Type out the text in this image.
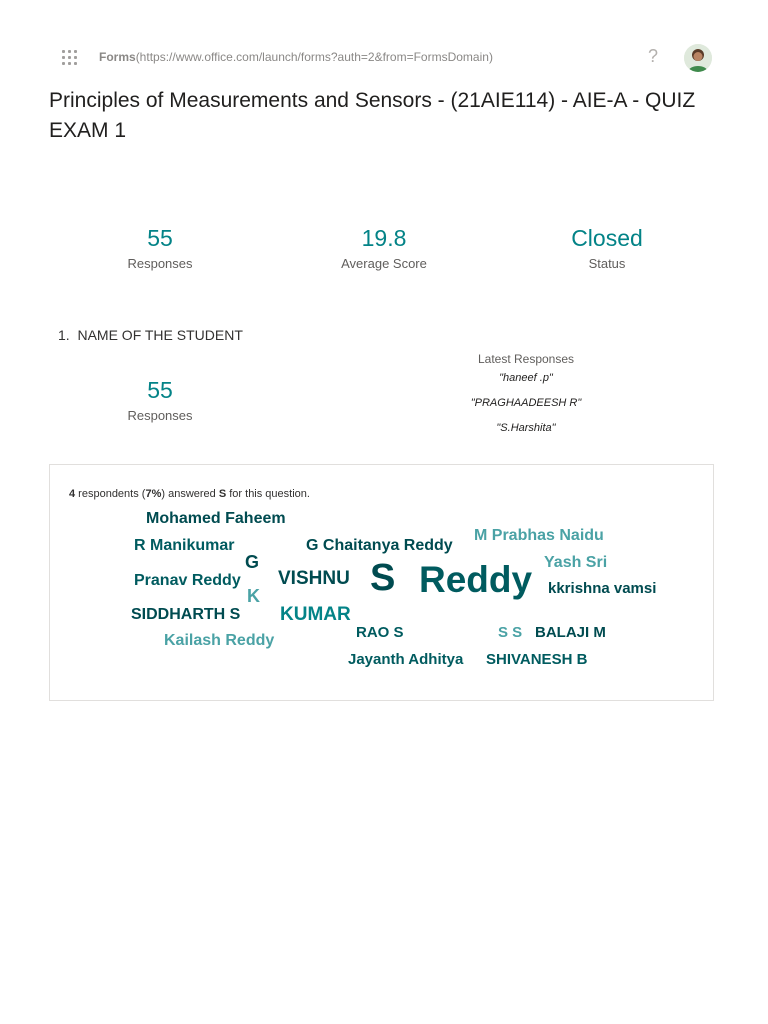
Forms(https://www.office.com/launch/forms?auth=2&from=FormsDomain)	?
Principles of Measurements and Sensors - (21AIE114) - AIE-A - QUIZ EXAM 1
55
Responses
19.8
Average Score
Closed
Status
1. NAME OF THE STUDENT
55
Responses
Latest Responses
"haneef .p"
"PRAGHAADEESH R"
"S.Harshita"
4 respondents (7%) answered S for this question.
Mohamed Faheem
R Manikumar
G
G Chaitanya Reddy
M Prabhas Naidu
Yash Sri
Pranav Reddy
K
VISHNU S Reddy kkrishna vamsi
SIDDHARTH S KUMAR
Kailash Reddy	RAO S	S S BALAJI M
Jayanth Adhitya SHIVANESH B
